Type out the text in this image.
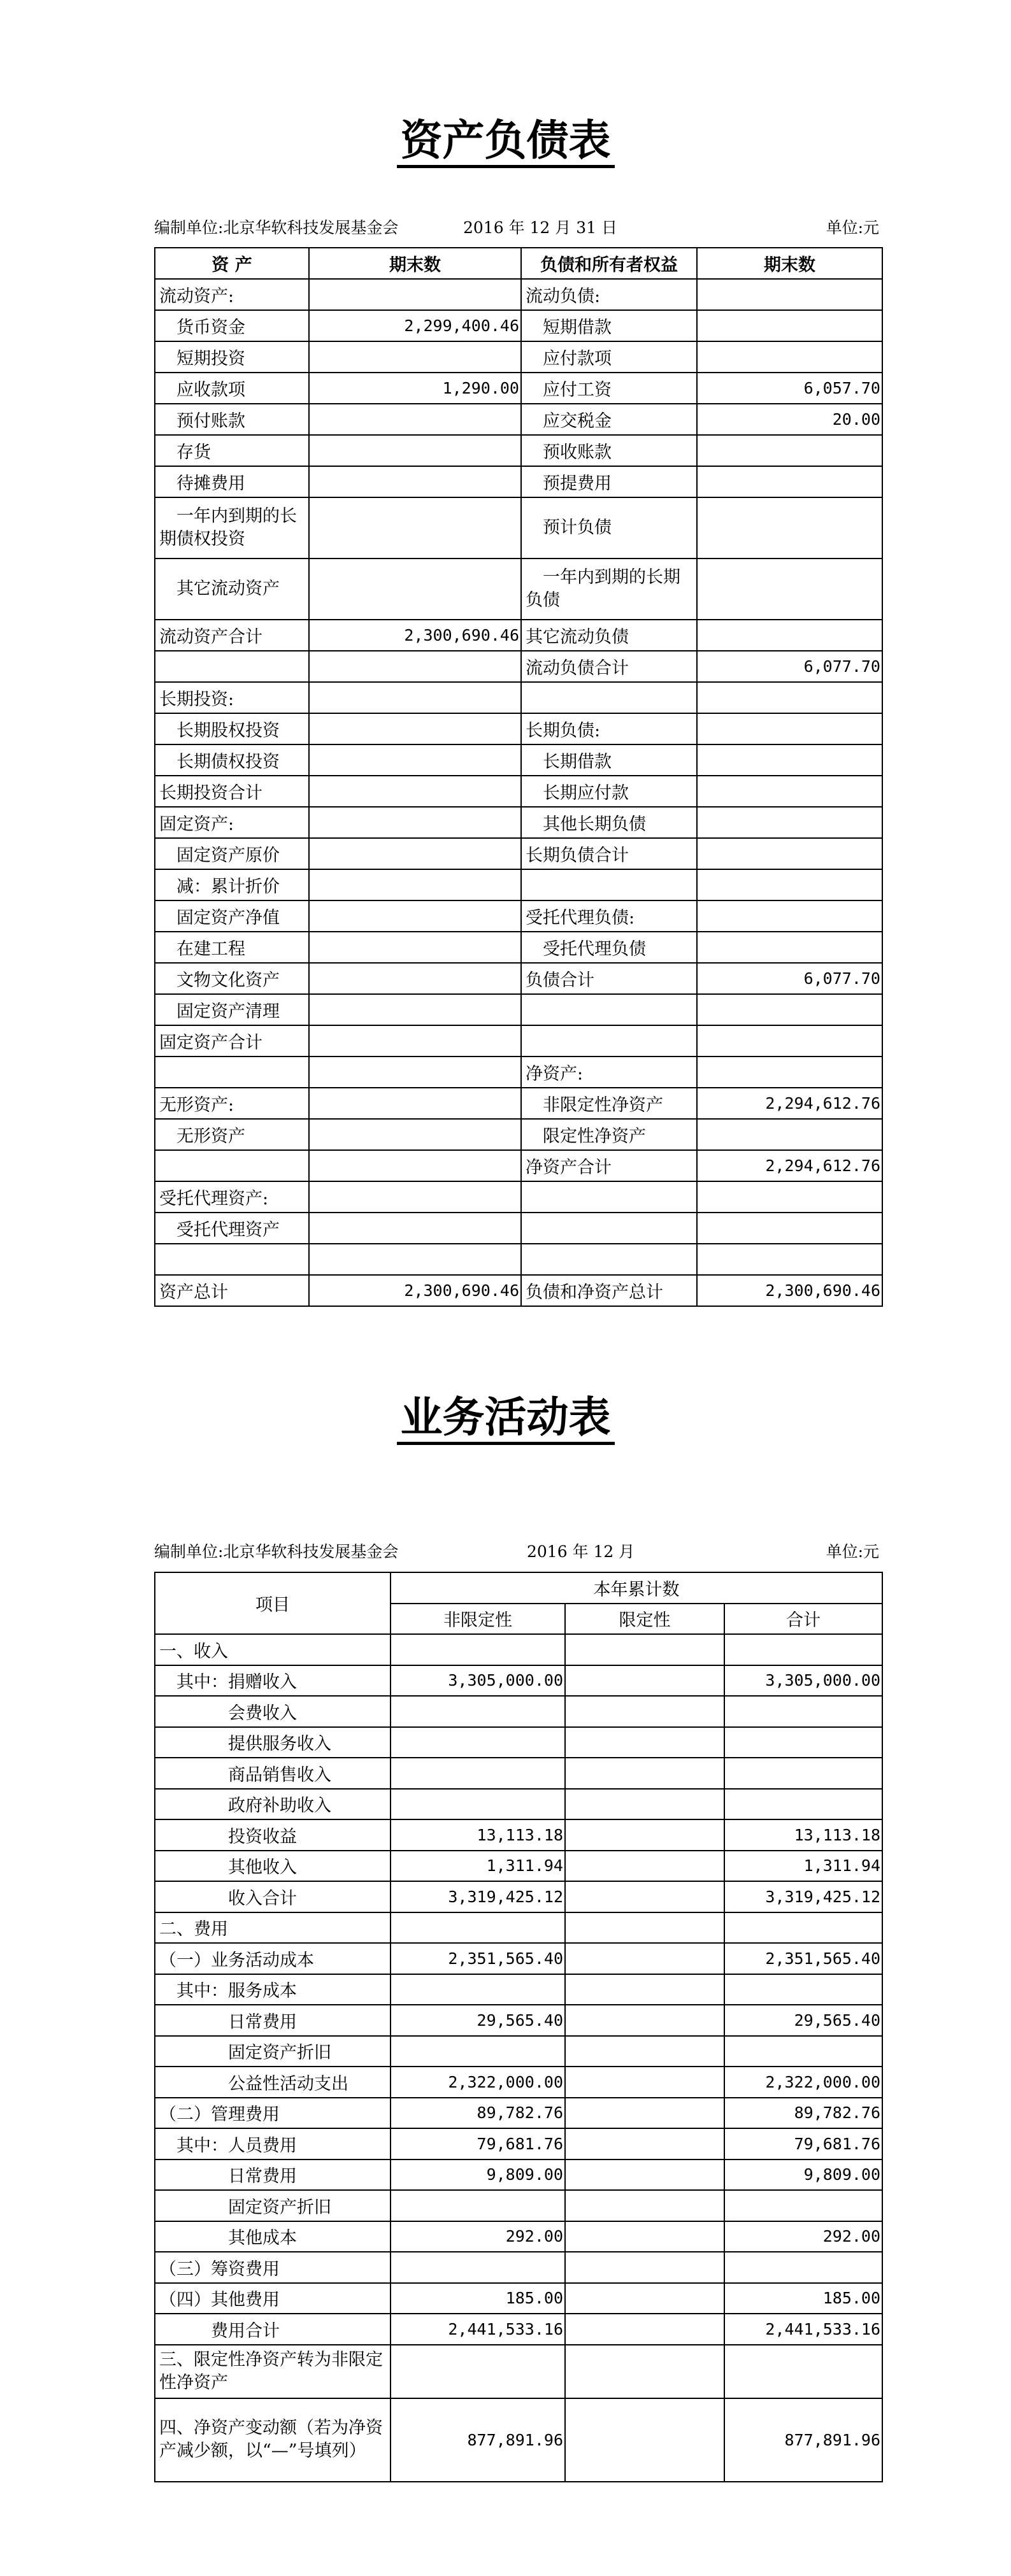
资产负债表
编制单位:北京华软科技发展基金会	2016 年 12 月 31 日	单位:元
资 产	期末数	负债和所有者权益	期末数
流动资产:		流动负债:	
　货币资金	2,299,400.46	　短期借款	
　短期投资		　应付款项	
　应收款项	1,290.00	　应付工资	6,057.70
　预付账款		　应交税金	20.00
　存货		　预收账款	
　待摊费用		　预提费用	
　一年内到期的长期债权投资		　预计负债	
　其它流动资产		　一年内到期的长期负债	
流动资产合计	2,300,690.46	其它流动负债	
		流动负债合计	6,077.70
长期投资:			
　长期股权投资		长期负债:	
　长期债权投资		　长期借款	
长期投资合计		　长期应付款	
固定资产:		　其他长期负债	
　固定资产原价		长期负债合计	
　减：累计折价			
　固定资产净值		受托代理负债:	
　在建工程		　受托代理负债	
　文物文化资产		负债合计	6,077.70
　固定资产清理			
固定资产合计			
		净资产:	
无形资产:		　非限定性净资产	2,294,612.76
　无形资产		　限定性净资产	
		净资产合计	2,294,612.76
受托代理资产:			
　受托代理资产			

资产总计	2,300,690.46	负债和净资产总计	2,300,690.46
业务活动表
编制单位:北京华软科技发展基金会	2016 年 12 月	单位:元
项目	本年累计数		
	非限定性	限定性	合计
一、收入			
　其中：捐赠收入	3,305,000.00		3,305,000.00
　　　　会费收入			
　　　　提供服务收入			
　　　　商品销售收入			
　　　　政府补助收入			
　　　　投资收益	13,113.18		13,113.18
　　　　其他收入	1,311.94		1,311.94
　　　　收入合计	3,319,425.12		3,319,425.12
二、费用			
（一）业务活动成本	2,351,565.40		2,351,565.40
　其中：服务成本			
　　　　日常费用	29,565.40		29,565.40
　　　　固定资产折旧			
　　　　公益性活动支出	2,322,000.00		2,322,000.00
（二）管理费用	89,782.76		89,782.76
　其中：人员费用	79,681.76		79,681.76
　　　　日常费用	9,809.00		9,809.00
　　　　固定资产折旧			
　　　　其他成本	292.00		292.00
（三）筹资费用			
（四）其他费用	185.00		185.00
　　　费用合计	2,441,533.16		2,441,533.16
三、限定性净资产转为非限定性净资产			
四、净资产变动额（若为净资产减少额，以“—”号填列）	877,891.96		877,891.96
